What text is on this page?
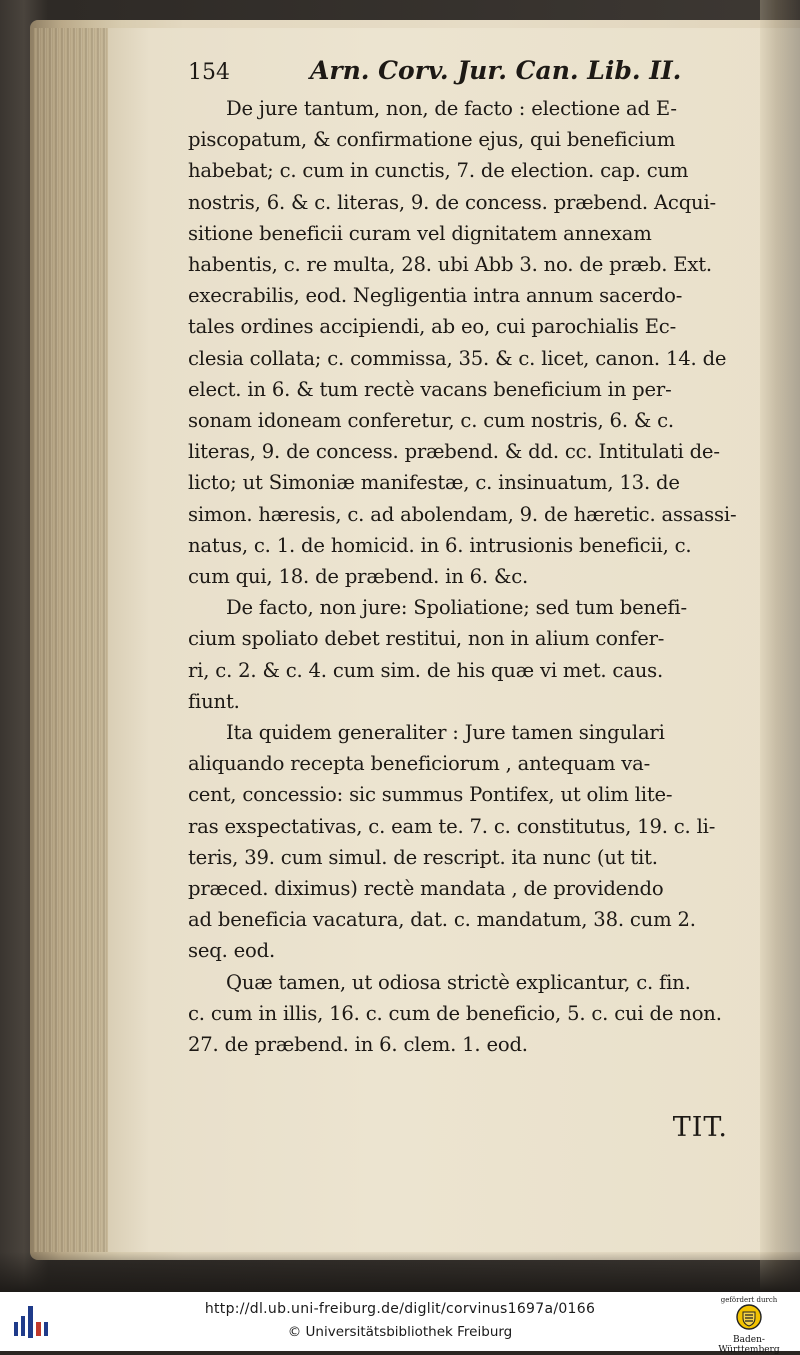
154	Arn. Corv. Jur. Can. Lib. II.
De jure tantum, non, de facto : electione ad E-
piscopatum, & confirmatione ejus, qui beneficium
habebat; c. cum in cunctis, 7. de election. cap. cum
nostris, 6. & c. literas, 9. de concess. præbend. Acqui-
sitione beneficii curam vel dignitatem annexam
habentis, c. re multa, 28. ubi Abb 3. no. de præb. Ext.
execrabilis, eod. Negligentia intra annum sacerdo-
tales ordines accipiendi, ab eo, cui parochialis Ec-
clesia collata; c. commissa, 35. & c. licet, canon. 14. de
elect. in 6. & tum rectè vacans beneficium in per-
sonam idoneam conferetur, c. cum nostris, 6. & c.
literas, 9. de concess. præbend. & dd. cc. Intitulati de-
licto; ut Simoniæ manifestæ, c. insinuatum, 13. de
simon. hæresis, c. ad abolendam, 9. de hæretic. assassi-
natus, c. 1. de homicid. in 6. intrusionis beneficii, c.
cum qui, 18. de præbend. in 6. &c.
De facto, non jure: Spoliatione; sed tum benefi-
cium spoliato debet restitui, non in alium confer-
ri, c. 2. & c. 4. cum sim. de his quæ vi met. caus.
fiunt.
Ita quidem generaliter : Jure tamen singulari
aliquando recepta beneficiorum , antequam va-
cent, concessio: sic summus Pontifex, ut olim lite-
ras exspectativas, c. eam te. 7. c. constitutus, 19. c. li-
teris, 39. cum simul. de rescript. ita nunc (ut tit.
præced. diximus) rectè mandata , de providendo
ad beneficia vacatura, dat. c. mandatum, 38. cum 2.
seq. eod.
Quæ tamen, ut odiosa strictè explicantur, c. fin.
c. cum in illis, 16. c. cum de beneficio, 5. c. cui de non.
27. de præbend. in 6. clem. 1. eod.
TIT.
http://dl.ub.uni-freiburg.de/diglit/corvinus1697a/0166
© Universitätsbibliothek Freiburg
gefördert durch
Baden-Württemberg
